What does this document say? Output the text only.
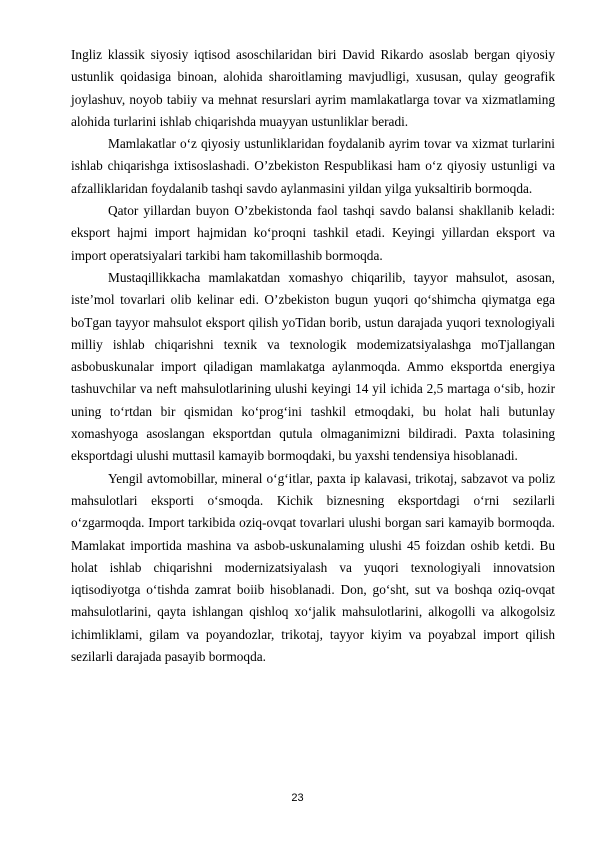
Ingliz klassik siyosiy iqtisod asoschilaridan biri David Rikardo asoslab bergan qiyosiy ustunlik qoidasiga binoan, alohida sharoitlaming mavjudligi, xususan, qulay geografik joylashuv, noyob tabiiy va mehnat resurslari ayrim mamlakatlarga tovar va xizmatlaming alohida turlarini ishlab chiqarishda muayyan ustunliklar beradi.

Mamlakatlar o‘z qiyosiy ustunliklaridan foydalanib ayrim tovar va xizmat turlarini ishlab chiqarishga ixtisoslashadi. O’zbekiston Respublikasi ham o‘z qiyosiy ustunligi va afzalliklaridan foydalanib tashqi savdo aylanmasini yildan yilga yuksaltirib bormoqda.

Qator yillardan buyon O’zbekistonda faol tashqi savdo balansi shakllanib keladi: eksport hajmi import hajmidan ko‘proqni tashkil etadi. Keyingi yillardan eksport va import operatsiyalari tarkibi ham takomillashib bormoqda.

Mustaqillikkacha mamlakatdan xomashyo chiqarilib, tayyor mahsulot, asosan, iste’mol tovarlari olib kelinar edi. O’zbekiston bugun yuqori qo‘shimcha qiymatga ega boTgan tayyor mahsulot eksport qilish yoTidan borib, ustun darajada yuqori texnologiyali milliy ishlab chiqarishni texnik va texnologik modemizatsiyalashga moTjallangan asbobuskunalar import qiladigan mamlakatga aylanmoqda. Ammo eksportda energiya tashuvchilar va neft mahsulotlarining ulushi keyingi 14 yil ichida 2,5 martaga o‘sib, hozir uning to‘rtdan bir qismidan ko‘prog‘ini tashkil etmoqdaki, bu holat hali butunlay xomashyoga asoslangan eksportdan qutula olmaganimizni bildiradi. Paxta tolasining eksportdagi ulushi muttasil kamayib bormoqdaki, bu yaxshi tendensiya hisoblanadi.

Yengil avtomobillar, mineral o‘g‘itlar, paxta ip kalavasi, trikotaj, sabzavot va poliz mahsulotlari eksporti o‘smoqda. Kichik biznesning eksportdagi o‘rni sezilarli o‘zgarmoqda. Import tarkibida oziq-ovqat tovarlari ulushi borgan sari kamayib bormoqda. Mamlakat importida mashina va asbob-uskunalaming ulushi 45 foizdan oshib ketdi. Bu holat ishlab chiqarishni modernizatsiyalash va yuqori texnologiyali innovatsion iqtisodiyotga o‘tishda zamrat boiib hisoblanadi. Don, go‘sht, sut va boshqa oziq-ovqat mahsulotlarini, qayta ishlangan qishloq xo‘jalik mahsulotlarini, alkogolli va alkogolsiz ichimliklami, gilam va poyandozlar, trikotaj, tayyor kiyim va poyabzal import qilish sezilarli darajada pasayib bormoqda.

23
